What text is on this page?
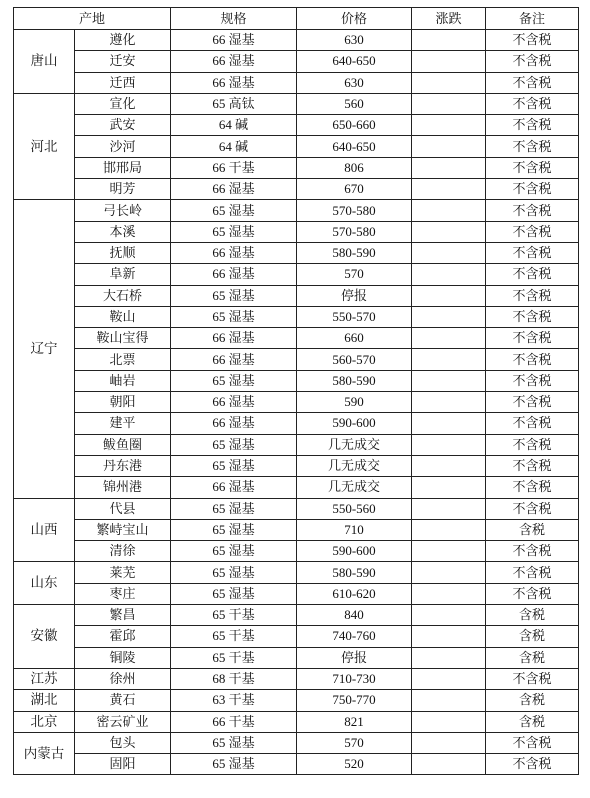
产地		规格	价格	涨跌	备注
唐山	遵化	66 湿基	630		不含税
	迁安	66 湿基	640-650		不含税
	迁西	66 湿基	630		不含税
河北	宣化	65 高钛	560		不含税
	武安	64 碱	650-660		不含税
	沙河	64 碱	640-650		不含税
	邯邢局	66 干基	806		不含税
	明芳	66 湿基	670		不含税
辽宁	弓长岭	65 湿基	570-580		不含税
	本溪	65 湿基	570-580		不含税
	抚顺	66 湿基	580-590		不含税
	阜新	66 湿基	570		不含税
	大石桥	65 湿基	停报		不含税
	鞍山	65 湿基	550-570		不含税
	鞍山宝得	66 湿基	660		不含税
	北票	66 湿基	560-570		不含税
	岫岩	65 湿基	580-590		不含税
	朝阳	66 湿基	590		不含税
	建平	66 湿基	590-600		不含税
	鲅鱼圈	65 湿基	几无成交		不含税
	丹东港	65 湿基	几无成交		不含税
	锦州港	66 湿基	几无成交		不含税
山西	代县	65 湿基	550-560		不含税
	繁峙宝山	65 湿基	710		含税
	清徐	65 湿基	590-600		不含税
山东	莱芜	65 湿基	580-590		不含税
	枣庄	65 湿基	610-620		不含税
安徽	繁昌	65 干基	840		含税
	霍邱	65 干基	740-760		含税
	铜陵	65 干基	停报		含税
江苏	徐州	68 干基	710-730		不含税
湖北	黄石	63 干基	750-770		含税
北京	密云矿业	66 干基	821		含税
内蒙古	包头	65 湿基	570		不含税
	固阳	65 湿基	520		不含税
